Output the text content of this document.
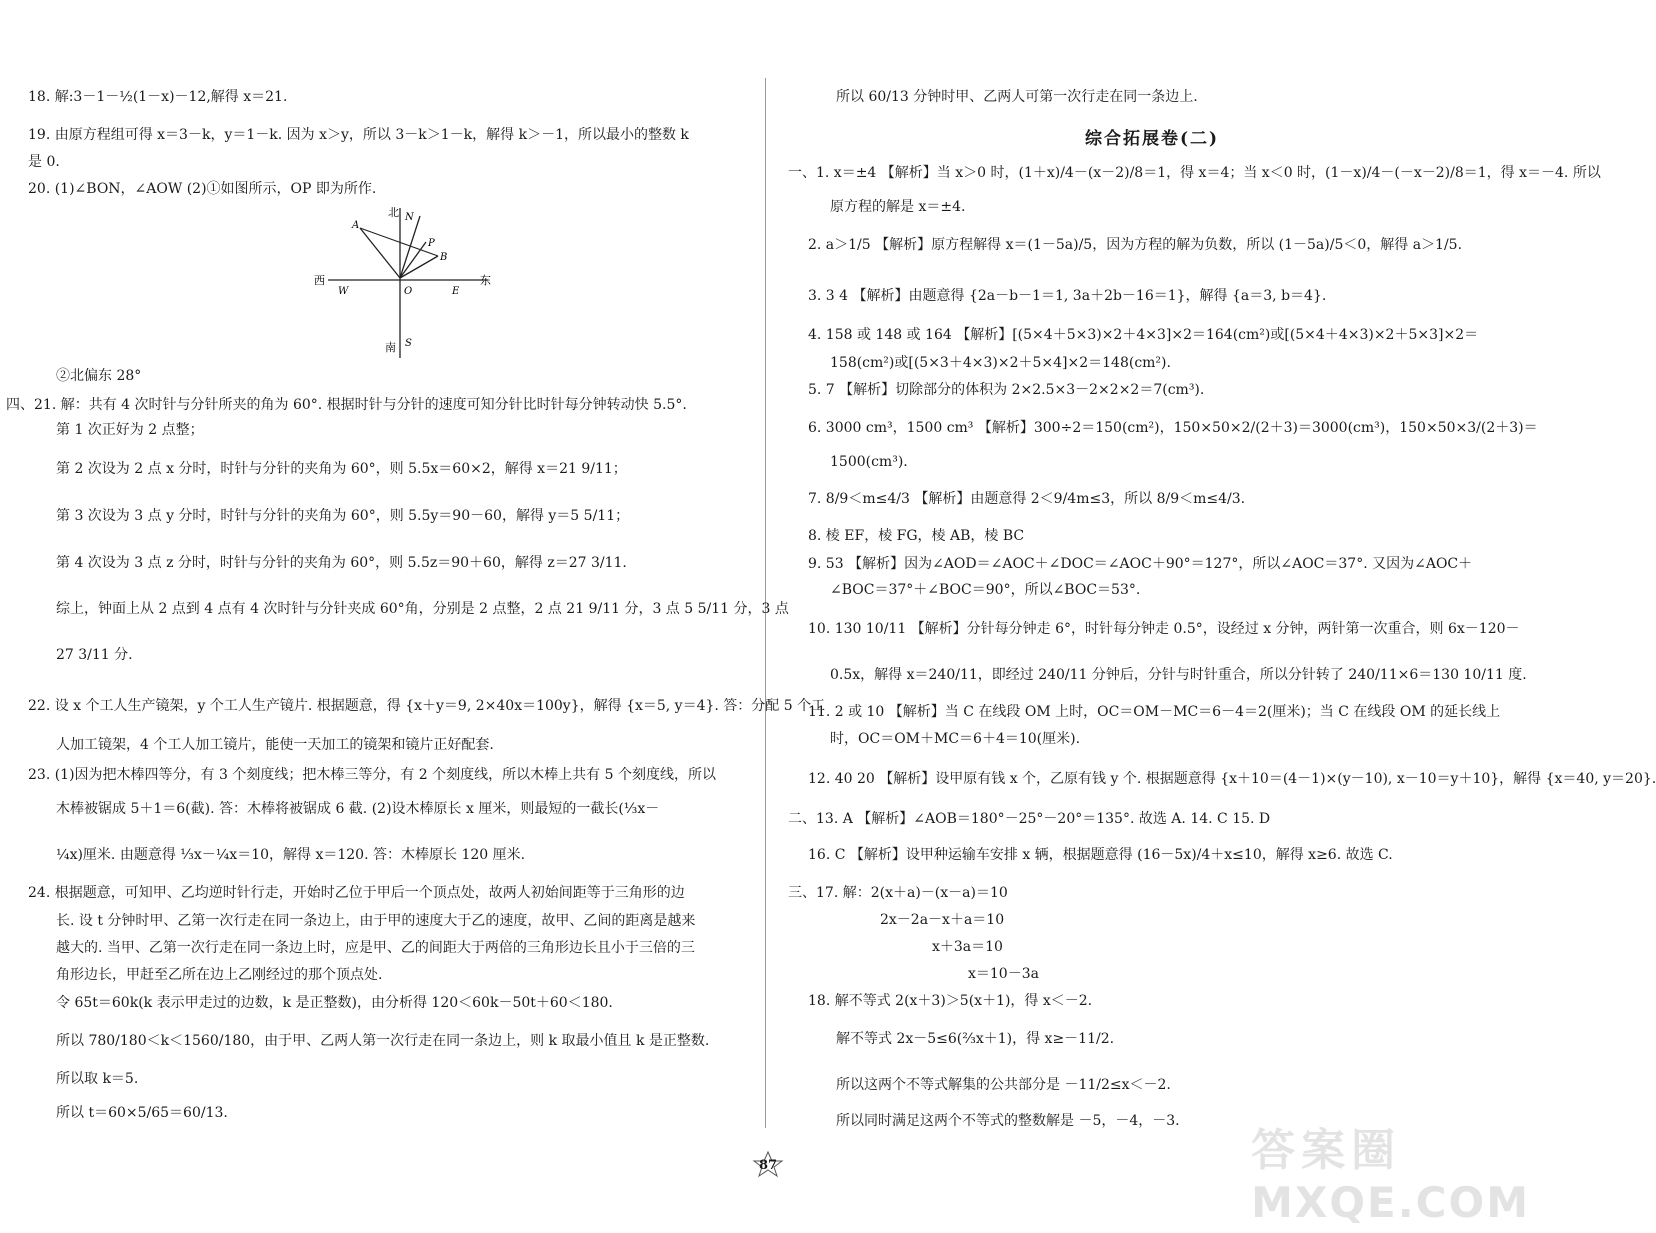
18. 解:3－1－½(1－x)－12,解得 x＝21.
19. 由原方程组可得 x＝3－k，y＝1－k. 因为 x＞y，所以 3－k＞1－k，解得 k＞－1，所以最小的整数 k
是 0.
20. (1)∠BON，∠AOW (2)①如图所示，OP 即为所作.
北 N
南 S
西
W
东
E
O
A
B
P
②北偏东 28°
四、21. 解：共有 4 次时针与分针所夹的角为 60°. 根据时针与分针的速度可知分针比时针每分钟转动快 5.5°.
第 1 次正好为 2 点整；
第 2 次设为 2 点 x 分时，时针与分针的夹角为 60°，则 5.5x＝60×2，解得 x＝21 9/11；
第 3 次设为 3 点 y 分时，时针与分针的夹角为 60°，则 5.5y＝90－60，解得 y＝5 5/11；
第 4 次设为 3 点 z 分时，时针与分针的夹角为 60°，则 5.5z＝90＋60，解得 z＝27 3/11.
综上，钟面上从 2 点到 4 点有 4 次时针与分针夹成 60°角，分别是 2 点整，2 点 21 9/11 分，3 点 5 5/11 分，3 点
27 3/11 分.
22. 设 x 个工人生产镜架，y 个工人生产镜片. 根据题意，得 {x＋y＝9, 2×40x＝100y}，解得 {x＝5, y＝4}. 答：分配 5 个工
人加工镜架，4 个工人加工镜片，能使一天加工的镜架和镜片正好配套.
23. (1)因为把木棒四等分，有 3 个刻度线；把木棒三等分，有 2 个刻度线，所以木棒上共有 5 个刻度线，所以
木棒被锯成 5＋1＝6(截). 答：木棒将被锯成 6 截. (2)设木棒原长 x 厘米，则最短的一截长(⅓x－
¼x)厘米. 由题意得 ⅓x－¼x＝10，解得 x＝120. 答：木棒原长 120 厘米.
24. 根据题意，可知甲、乙均逆时针行走，开始时乙位于甲后一个顶点处，故两人初始间距等于三角形的边
长. 设 t 分钟时甲、乙第一次行走在同一条边上，由于甲的速度大于乙的速度，故甲、乙间的距离是越来
越大的. 当甲、乙第一次行走在同一条边上时，应是甲、乙的间距大于两倍的三角形边长且小于三倍的三
角形边长，甲赶至乙所在边上乙刚经过的那个顶点处.
令 65t＝60k(k 表示甲走过的边数，k 是正整数)，由分析得 120＜60k－50t＋60＜180.
所以 780/180＜k＜1560/180，由于甲、乙两人第一次行走在同一条边上，则 k 取最小值且 k 是正整数.
所以取 k＝5.
所以 t＝60×5/65＝60/13.
所以 60/13 分钟时甲、乙两人可第一次行走在同一条边上.
综合拓展卷(二)
一、1. x＝±4 【解析】当 x＞0 时，(1＋x)/4－(x－2)/8＝1，得 x＝4；当 x＜0 时，(1－x)/4－(－x－2)/8＝1，得 x＝－4. 所以
原方程的解是 x＝±4.
2. a＞1/5 【解析】原方程解得 x＝(1－5a)/5，因为方程的解为负数，所以 (1－5a)/5＜0，解得 a＞1/5.
3. 3 4 【解析】由题意得 {2a－b－1＝1, 3a＋2b－16＝1}，解得 {a＝3, b＝4}.
4. 158 或 148 或 164 【解析】[(5×4＋5×3)×2＋4×3]×2＝164(cm²)或[(5×4＋4×3)×2＋5×3]×2＝
158(cm²)或[(5×3＋4×3)×2＋5×4]×2＝148(cm²).
5. 7 【解析】切除部分的体积为 2×2.5×3－2×2×2＝7(cm³).
6. 3000 cm³，1500 cm³ 【解析】300÷2＝150(cm²)，150×50×2/(2＋3)＝3000(cm³)，150×50×3/(2＋3)＝
1500(cm³).
7. 8/9＜m≤4/3 【解析】由题意得 2＜9/4m≤3，所以 8/9＜m≤4/3.
8. 棱 EF，棱 FG，棱 AB，棱 BC
9. 53 【解析】因为∠AOD＝∠AOC＋∠DOC＝∠AOC＋90°＝127°，所以∠AOC＝37°. 又因为∠AOC＋
∠BOC＝37°＋∠BOC＝90°，所以∠BOC＝53°.
10. 130 10/11 【解析】分针每分钟走 6°，时针每分钟走 0.5°，设经过 x 分钟，两针第一次重合，则 6x－120－
0.5x，解得 x＝240/11，即经过 240/11 分钟后，分针与时针重合，所以分针转了 240/11×6＝130 10/11 度.
11. 2 或 10 【解析】当 C 在线段 OM 上时，OC＝OM－MC＝6－4＝2(厘米)；当 C 在线段 OM 的延长线上
时，OC＝OM＋MC＝6＋4＝10(厘米).
12. 40 20 【解析】设甲原有钱 x 个，乙原有钱 y 个. 根据题意得 {x＋10＝(4－1)×(y－10), x－10＝y＋10}，解得 {x＝40, y＝20}.
二、13. A 【解析】∠AOB＝180°－25°－20°＝135°. 故选 A. 14. C 15. D
16. C 【解析】设甲种运输车安排 x 辆，根据题意得 (16－5x)/4＋x≤10，解得 x≥6. 故选 C.
三、17. 解：2(x＋a)－(x－a)＝10
2x－2a－x＋a＝10
x＋3a＝10
x＝10－3a
18. 解不等式 2(x＋3)＞5(x＋1)，得 x＜－2.
解不等式 2x－5≤6(⅔x＋1)，得 x≥－11/2.
所以这两个不等式解集的公共部分是 －11/2≤x＜－2.
所以同时满足这两个不等式的整数解是 －5，－4，－3.
87	答案圈
MXQE.COM
